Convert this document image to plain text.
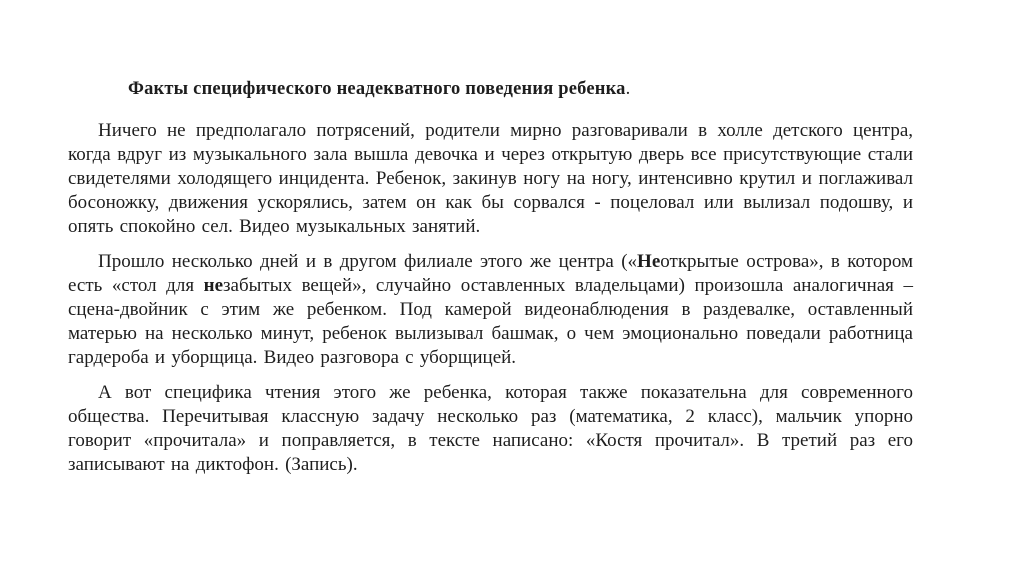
Факты специфического неадекватного поведения ребенка.

Ничего не предполагало потрясений, родители мирно разговаривали в холле детского центра, когда вдруг из музыкального зала вышла девочка и через открытую дверь все присутствующие стали свидетелями холодящего инцидента. Ребенок, закинув ногу на ногу, интенсивно крутил и поглаживал босоножку, движения ускорялись, затем он как бы сорвался - поцеловал или вылизал подошву, и опять спокойно сел. Видео музыкальных занятий.

Прошло несколько дней и в другом филиале этого же центра («Неоткрытые острова», в котором есть «стол для незабытых вещей», случайно оставленных владельцами) произошла аналогичная – сцена-двойник с этим же ребенком. Под камерой видеонаблюдения в раздевалке, оставленный матерью на несколько минут, ребенок вылизывал башмак, о чем эмоционально поведали работница гардероба и уборщица. Видео разговора с уборщицей.

А вот специфика чтения этого же ребенка, которая также показательна для современного общества. Перечитывая классную задачу несколько раз (математика, 2 класс), мальчик упорно говорит «прочитала» и поправляется, в тексте написано: «Костя прочитал». В третий раз его записывают на диктофон. (Запись).
